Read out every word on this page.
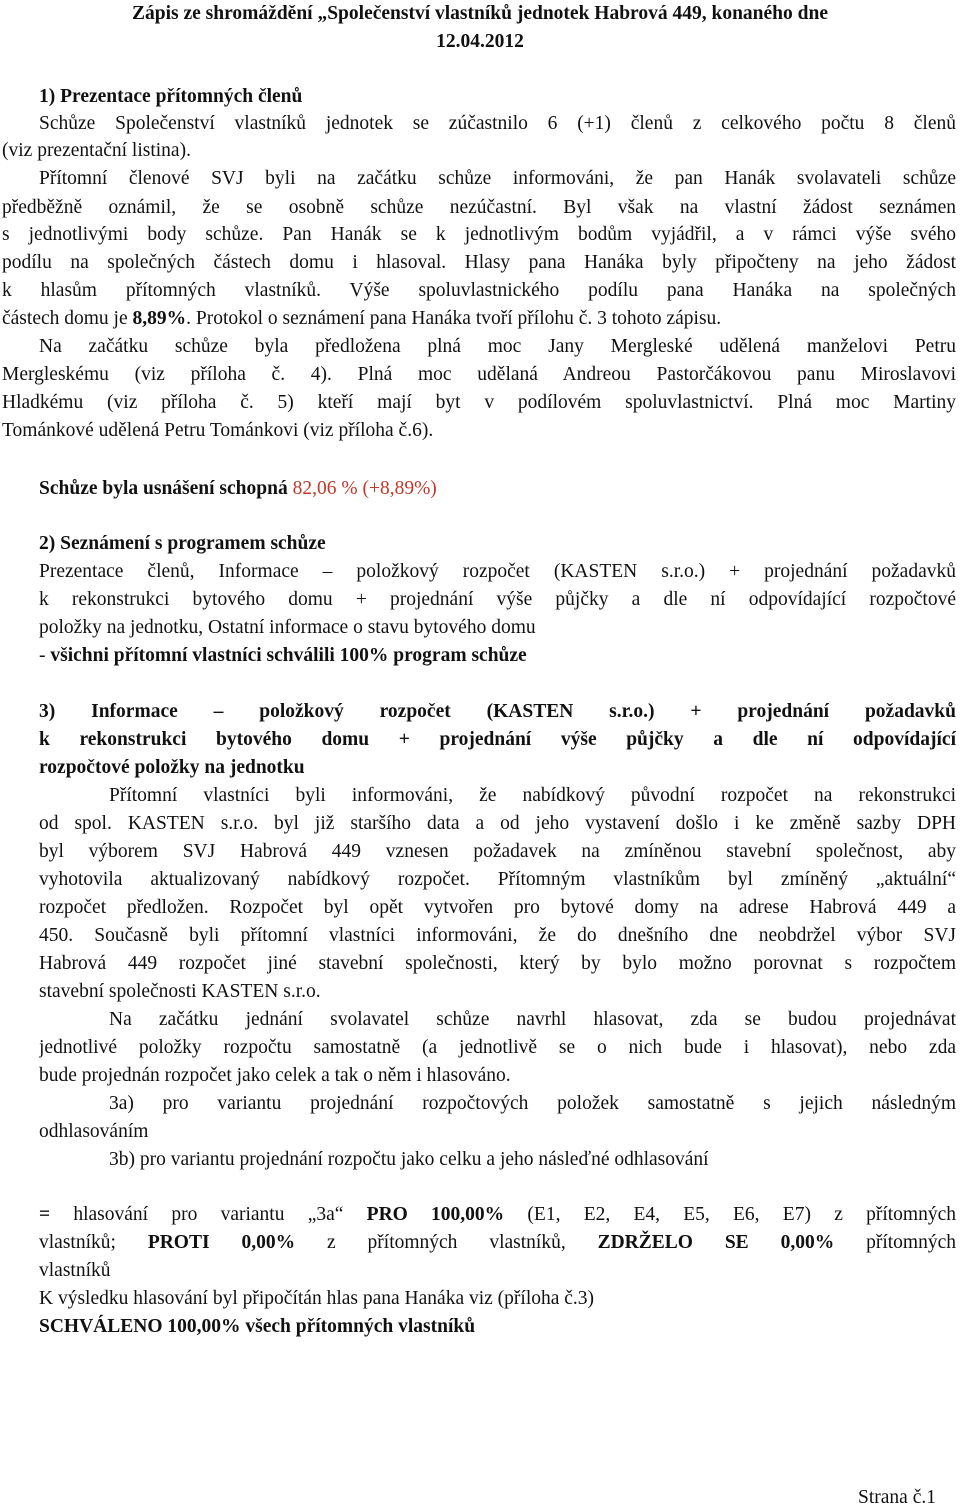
Zápis ze shromáždění „Společenství vlastníků jednotek Habrová 449, konaného dne
12.04.2012
1) Prezentace přítomných členů
Schůze Společenství vlastníků jednotek se zúčastnilo 6 (+1) členů z celkového počtu 8 členů
(viz prezentační listina).
Přítomní členové SVJ byli na začátku schůze informováni, že pan Hanák svolavateli schůze
předběžně oznámil, že se osobně schůze nezúčastní. Byl však na vlastní žádost seznámen
s jednotlivými body schůze. Pan Hanák se k jednotlivým bodům vyjádřil, a v rámci výše svého
podílu na společných částech domu i hlasoval. Hlasy pana Hanáka byly připočteny na jeho žádost
k hlasům přítomných vlastníků. Výše spoluvlastnického podílu pana Hanáka na společných
částech domu je 8,89%. Protokol o seznámení pana Hanáka tvoří přílohu č. 3 tohoto zápisu.
Na začátku schůze byla předložena plná moc Jany Mergleské udělená manželovi Petru
Mergleskému (viz příloha č. 4). Plná moc udělaná Andreou Pastorčákovou panu Miroslavovi
Hladkému (viz příloha č. 5) kteří mají byt v podílovém spoluvlastnictví. Plná moc Martiny
Tománkové udělená Petru Tománkovi (viz příloha č.6).
Schůze byla usnášení schopná 82,06 % (+8,89%)
2) Seznámení s programem schůze
Prezentace členů, Informace – položkový rozpočet (KASTEN s.r.o.) + projednání požadavků
k rekonstrukci bytového domu + projednání výše půjčky a dle ní odpovídající rozpočtové
položky na jednotku, Ostatní informace o stavu bytového domu
- všichni přítomní vlastníci schválili 100% program schůze
3) Informace – položkový rozpočet (KASTEN s.r.o.) + projednání požadavků
k rekonstrukci bytového domu + projednání výše půjčky a dle ní odpovídající
rozpočtové položky na jednotku
Přítomní vlastníci byli informováni, že nabídkový původní rozpočet na rekonstrukci
od spol. KASTEN s.r.o. byl již staršího data a od jeho vystavení došlo i ke změně sazby DPH
byl výborem SVJ Habrová 449 vznesen požadavek na zmíněnou stavební společnost, aby
vyhotovila aktualizovaný nabídkový rozpočet. Přítomným vlastníkům byl zmíněný „aktuální“
rozpočet předložen. Rozpočet byl opět vytvořen pro bytové domy na adrese Habrová 449 a
450. Současně byli přítomní vlastníci informováni, že do dnešního dne neobdržel výbor SVJ
Habrová 449 rozpočet jiné stavební společnosti, který by bylo možno porovnat s rozpočtem
stavební společnosti KASTEN s.r.o.
Na začátku jednání svolavatel schůze navrhl hlasovat, zda se budou projednávat
jednotlivé položky rozpočtu samostatně (a jednotlivě se o nich bude i hlasovat), nebo zda
bude projednán rozpočet jako celek a tak o něm i hlasováno.
3a) pro variantu projednání rozpočtových položek samostatně s jejich následným
odhlasováním
3b) pro variantu projednání rozpočtu jako celku a jeho násleďné odhlasování
= hlasování pro variantu „3a“ PRO 100,00% (E1, E2, E4, E5, E6, E7) z přítomných
vlastníků; PROTI 0,00% z přítomných vlastníků, ZDRŽELO SE 0,00% přítomných
vlastníků
K výsledku hlasování byl připočítán hlas pana Hanáka viz (příloha č.3)
SCHVÁLENO 100,00% všech přítomných vlastníků
Strana č.1
